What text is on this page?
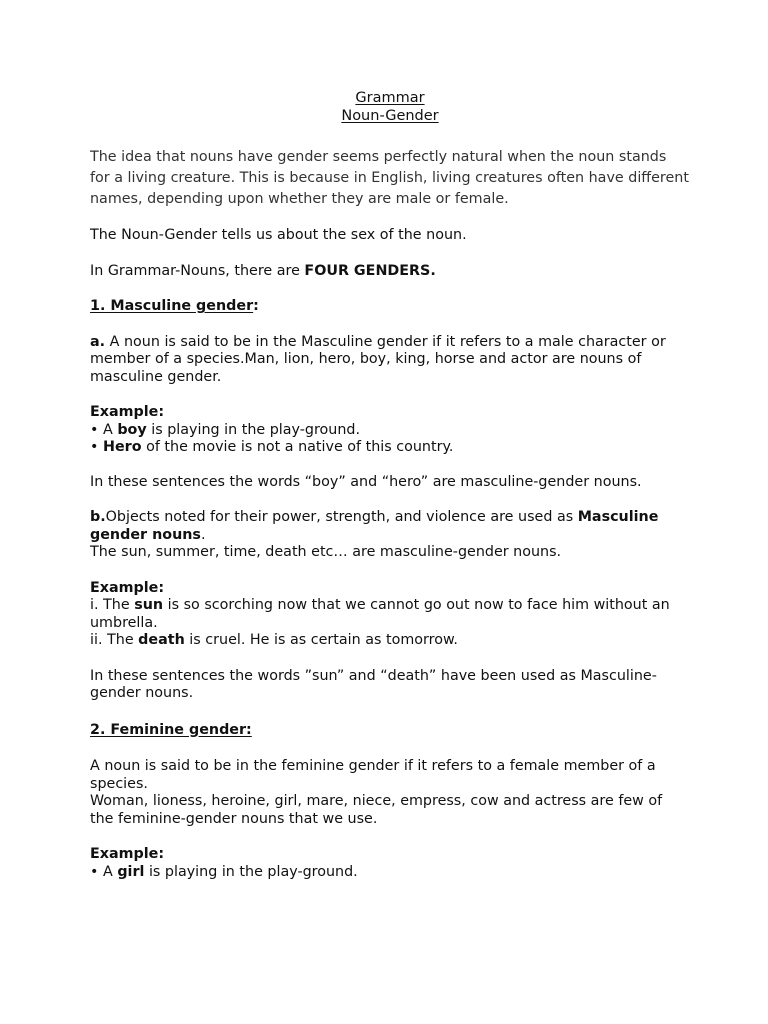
Grammar
Noun-Gender

The idea that nouns have gender seems perfectly natural when the noun stands for a living creature. This is because in English, living creatures often have different names, depending upon whether they are male or female.

The Noun-Gender tells us about the sex of the noun.

In Grammar-Nouns, there are FOUR GENDERS.

1. Masculine gender:

a. A noun is said to be in the Masculine gender if it refers to a male character or member of a species.Man, lion, hero, boy, king, horse and actor are nouns of masculine gender.

Example:

• A boy is playing in the play-ground.

• Hero of the movie is not a native of this country.

In these sentences the words “boy” and “hero” are masculine-gender nouns.

b.Objects noted for their power, strength, and violence are used as Masculine gender nouns.

The sun, summer, time, death etc… are masculine-gender nouns.

Example:

i. The sun is so scorching now that we cannot go out now to face him without an umbrella.

ii. The death is cruel. He is as certain as tomorrow.

In these sentences the words ”sun” and “death” have been used as Masculine-gender nouns.

2. Feminine gender:

A noun is said to be in the feminine gender if it refers to a female member of a species.

Woman, lioness, heroine, girl, mare, niece, empress, cow and actress are few of the feminine-gender nouns that we use.

Example:

• A girl is playing in the play-ground.
